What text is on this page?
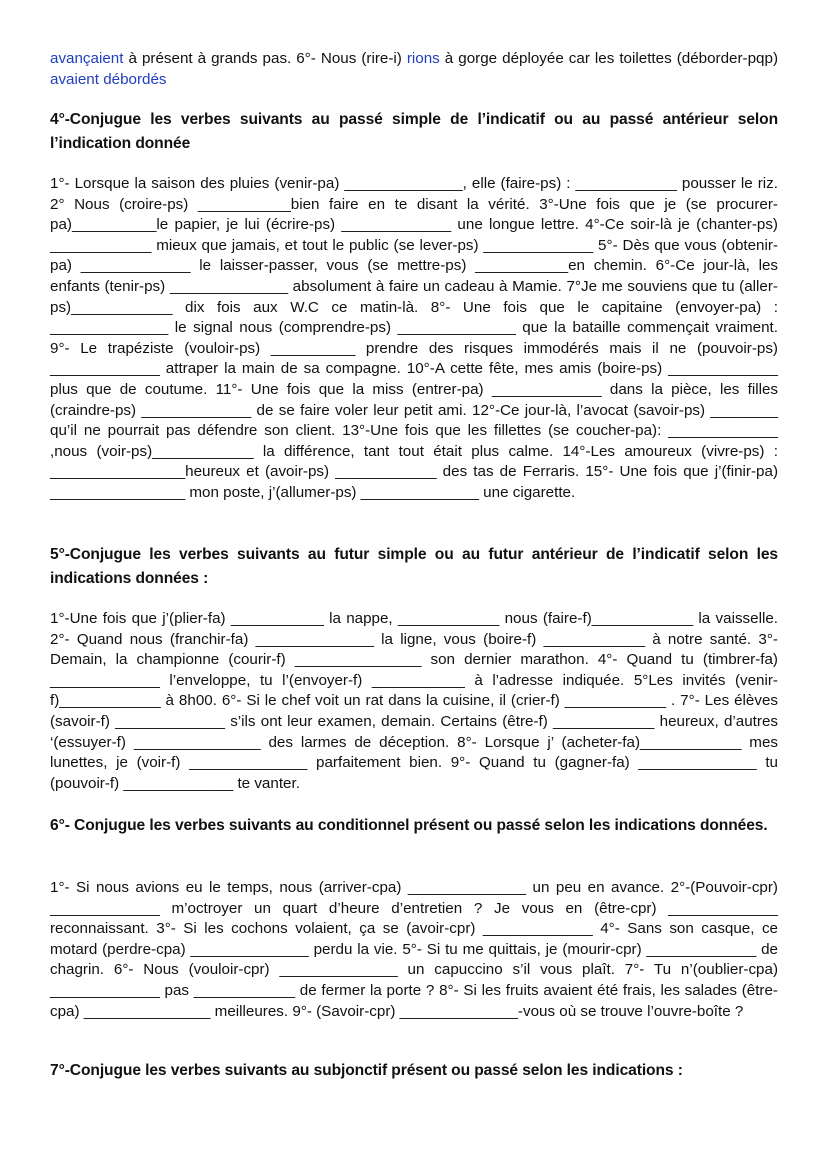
avançaient à présent à grands pas. 6°- Nous (rire-i) rions à gorge déployée car les toilettes (déborder-pqp) avaient débordés

4°-Conjugue les verbes suivants au passé simple de l’indicatif ou au passé antérieur selon l’indication donnée

1°- Lorsque la saison des pluies (venir-pa) ______________, elle (faire-ps) : ____________ pousser le riz. 2° Nous (croire-ps) ___________bien faire en te disant la vérité. 3°-Une fois que je (se procurer-pa)__________le papier, je lui (écrire-ps) _____________ une longue lettre. 4°-Ce soir-là je (chanter-ps) ____________ mieux que jamais, et tout le public (se lever-ps) _____________ 5°- Dès que vous (obtenir-pa) _____________ le laisser-passer, vous (se mettre-ps) ___________en chemin. 6°-Ce jour-là, les enfants (tenir-ps) ______________ absolument à faire un cadeau à Mamie. 7°Je me souviens que tu (aller-ps)____________ dix fois aux W.C ce matin-là. 8°- Une fois que le capitaine (envoyer-pa) : ______________ le signal nous (comprendre-ps) ______________ que la bataille commençait vraiment. 9°- Le trapéziste (vouloir-ps) __________ prendre des risques immodérés mais il ne (pouvoir-ps) _____________ attraper la main de sa compagne. 10°-A cette fête, mes amis (boire-ps) _____________ plus que de coutume. 11°- Une fois que la miss (entrer-pa) _____________ dans la pièce, les filles (craindre-ps) _____________ de se faire voler leur petit ami. 12°-Ce jour-là, l’avocat (savoir-ps) ________ qu’il ne pourrait pas défendre son client. 13°-Une fois que les fillettes (se coucher-pa): _____________ ,nous (voir-ps)____________ la différence, tant tout était plus calme. 14°-Les amoureux (vivre-ps) : ________________heureux et (avoir-ps) ____________ des tas de Ferraris. 15°- Une fois que j’(finir-pa) ________________ mon poste, j’(allumer-ps) ______________ une cigarette.

5°-Conjugue les verbes suivants au futur simple ou au futur antérieur de l’indicatif selon les indications données :

1°-Une fois que j’(plier-fa) ___________ la nappe, ____________ nous (faire-f)____________ la vaisselle. 2°- Quand nous (franchir-fa) ______________ la ligne, vous (boire-f) ____________ à notre santé. 3°- Demain, la championne (courir-f) _______________ son dernier marathon. 4°- Quand tu (timbrer-fa) _____________ l’enveloppe, tu l’(envoyer-f) ___________ à l’adresse indiquée. 5°Les invités (venir-f)____________ à 8h00. 6°- Si le chef voit un rat dans la cuisine, il (crier-f) ____________ . 7°- Les élèves (savoir-f) _____________ s’ils ont leur examen, demain. Certains (être-f) ____________ heureux, d’autres ‘(essuyer-f) _______________ des larmes de déception. 8°- Lorsque j’ (acheter-fa)____________ mes lunettes, je (voir-f) ______________ parfaitement bien. 9°- Quand tu (gagner-fa) ______________ tu (pouvoir-f) _____________ te vanter.

6°- Conjugue les verbes suivants au conditionnel présent ou passé selon les indications données.

1°- Si nous avions eu le temps, nous (arriver-cpa) ______________ un peu en avance. 2°-(Pouvoir-cpr) _____________ m’octroyer un quart d’heure d’entretien ? Je vous en (être-cpr) _____________ reconnaissant. 3°- Si les cochons volaient, ça se (avoir-cpr) _____________ 4°- Sans son casque, ce motard (perdre-cpa) ______________ perdu la vie. 5°- Si tu me quittais, je (mourir-cpr) _____________ de chagrin. 6°- Nous (vouloir-cpr) ______________ un capuccino s’il vous plaît. 7°- Tu n’(oublier-cpa) _____________ pas ____________ de fermer la porte ? 8°- Si les fruits avaient été frais, les salades (être-cpa) _______________ meilleures. 9°- (Savoir-cpr) ______________-vous où se trouve l’ouvre-boîte ?

7°-Conjugue les verbes suivants au subjonctif présent ou passé selon les indications :
